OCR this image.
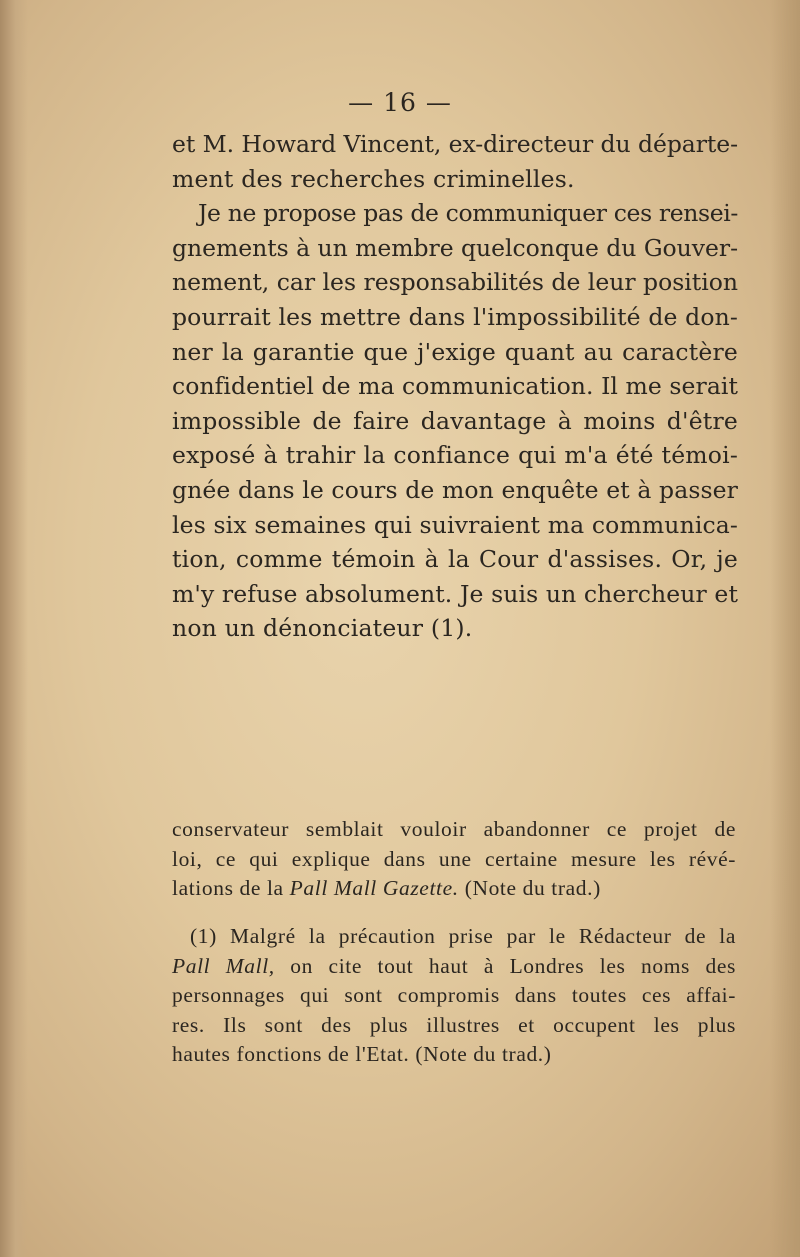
— 16 —
et M. Howard Vincent, ex-directeur du départe-
ment des recherches criminelles.
Je ne propose pas de communiquer ces rensei-
gnements à un membre quelconque du Gouver-
nement, car les responsabilités de leur position
pourrait les mettre dans l'impossibilité de don-
ner la garantie que j'exige quant au caractère
confidentiel de ma communication. Il me serait
impossible de faire davantage à moins d'être
exposé à trahir la confiance qui m'a été témoi-
gnée dans le cours de mon enquête et à passer
les six semaines qui suivraient ma communica-
tion, comme témoin à la Cour d'assises. Or, je
m'y refuse absolument. Je suis un chercheur et
non un dénonciateur (1).
conservateur semblait vouloir abandonner ce projet de
loi, ce qui explique dans une certaine mesure les révé-
lations de la Pall Mall Gazette. (Note du trad.)
(1) Malgré la précaution prise par le Rédacteur de la
Pall Mall, on cite tout haut à Londres les noms des
personnages qui sont compromis dans toutes ces affai-
res. Ils sont des plus illustres et occupent les plus
hautes fonctions de l'Etat. (Note du trad.)
